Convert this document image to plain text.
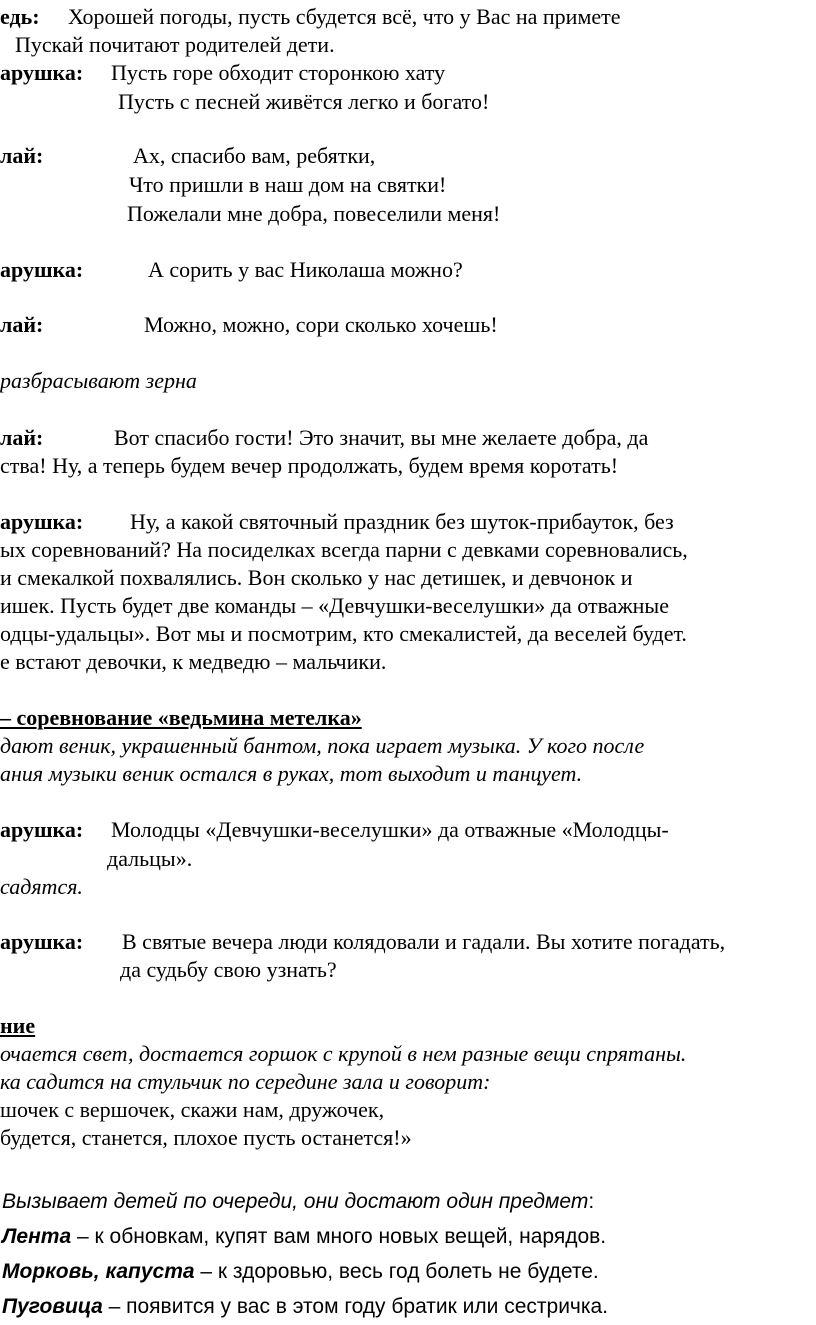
едь: Хорошей погоды, пусть сбудется всё, что у Вас на примете
Пускай почитают родителей дети.
арушка: Пусть горе обходит сторонкою хату
Пусть с песней живётся легко и богато!
лай:	Ах, спасибо вам, ребятки,
Что пришли в наш дом на святки!
Пожелали мне добра, повеселили меня!
арушка:	А сорить у вас Николаша можно?
лай:	Можно, можно, сори сколько хочешь!
разбрасывают зерна
лай:	Вот спасибо гости! Это значит, вы мне желаете добра, да
ства! Ну, а теперь будем вечер продолжать, будем время коротать!
арушка: Ну, а какой святочный праздник без шуток-прибауток, без
ых соревнований? На посиделках всегда парни с девками соревновались,
и смекалкой похвалялись. Вон сколько у нас детишек, и девчонок и
ишек. Пусть будет две команды – «Девчушки-веселушки» да отважные
одцы-удальцы». Вот мы и посмотрим, кто смекалистей, да веселей будет.
е встают девочки, к медведю – мальчики.
– соревнование «ведьмина метелка»
дают веник, украшенный бантом, пока играет музыка. У кого после
ания музыки веник остался в руках, тот выходит и танцует.
арушка: Молодцы «Девчушки-веселушки» да отважные «Молодцы-
дальцы».
садятся.
арушка: В святые вечера люди колядовали и гадали. Вы хотите погадать,
да судьбу свою узнать?
ние
очается свет, достается горшок с крупой в нем разные вещи спрятаны.
ка садится на стульчик по середине зала и говорит:
шочек с вершочек, скажи нам, дружочек,
будется, станется, плохое пусть останется!»
Вызывает детей по очереди, они достают один предмет:
Лента – к обновкам, купят вам много новых вещей, нарядов.
Морковь, капуста – к здоровью, весь год болеть не будете.
Пуговица – появится у вас в этом году братик или сестричка.
